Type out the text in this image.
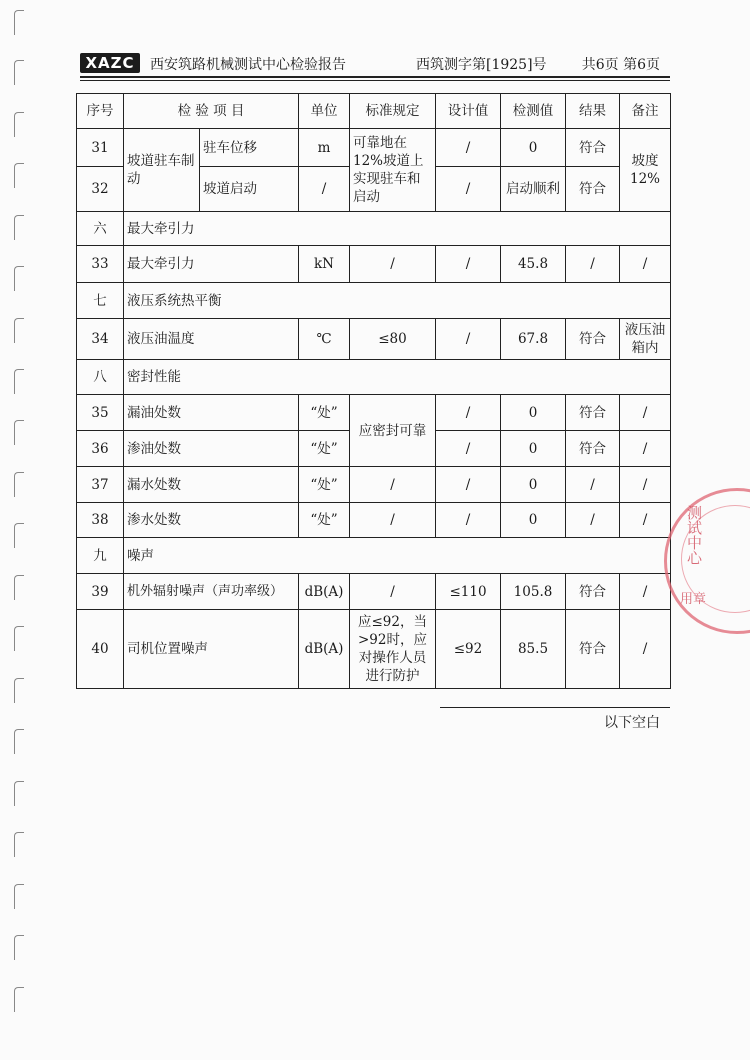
XAZC	西安筑路机械测试中心检验报告	西筑测字第[1925]号	共6页 第6页
序号	检 验 项 目		单位	标准规定	设计值	检测值	结果	备注
31	坡道驻车制动	驻车位移	m	可靠地在12%坡道上实现驻车和启动	/	0	符合	坡度12%
32		坡道启动	/		/	启动顺利	符合	
六	最大牵引力							
33	最大牵引力		kN	/	/	45.8	/	/
七	液压系统热平衡							
34	液压油温度		℃	≤80	/	67.8	符合	液压油箱内
八	密封性能							
35	漏油处数		“处”	应密封可靠	/	0	符合	/
36	渗油处数		“处”		/	0	符合	/
37	漏水处数		“处”	/	/	0	/	/
38	渗水处数		“处”	/	/	0	/	/
九	噪声							
39	机外辐射噪声（声功率级）		dB(A)	/	≤110	105.8	符合	/
40	司机位置噪声		dB(A)	应≤92，当>92时，应对操作人员进行防护	≤92	85.5	符合	/
测试中心
用章
以下空白
